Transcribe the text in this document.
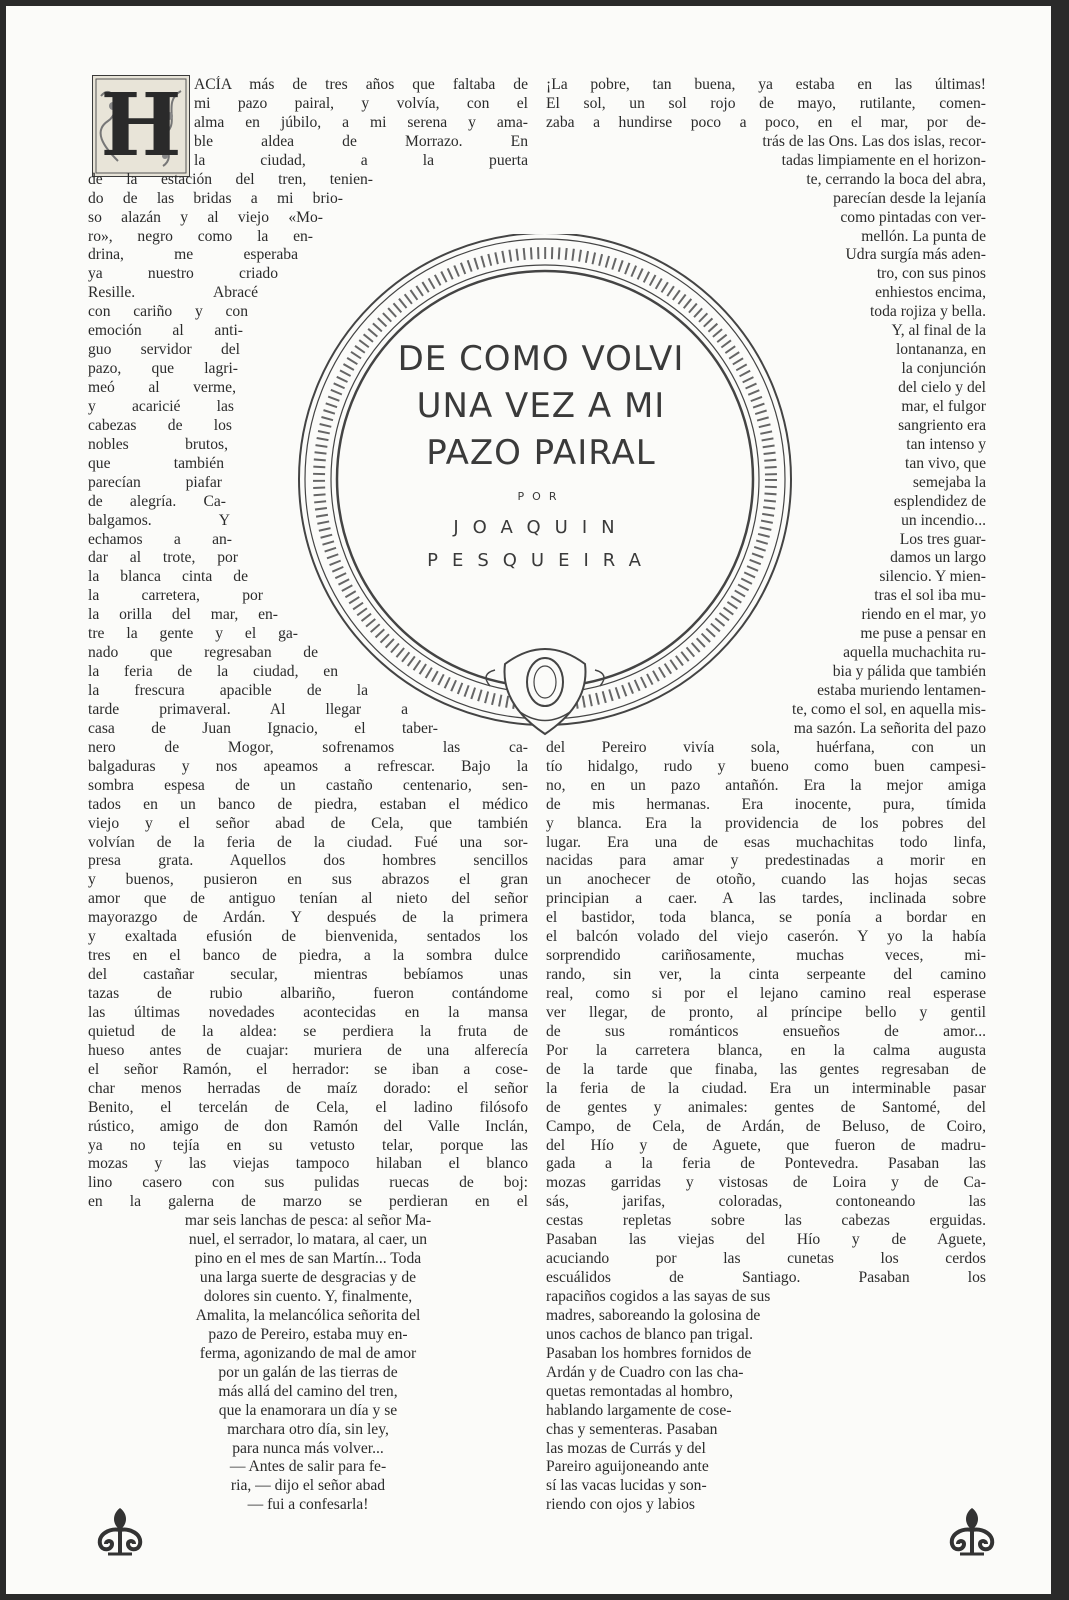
H ACÍA más de tres años que faltaba de
mi pazo pairal, y volvía, con el
alma en júbilo, a mi serena y ama-
ble aldea de Morrazo. En
la ciudad, a la puerta
de la estación del tren, tenien-
do de las bridas a mi brio-
so alazán y al viejo «Mo-
ro», negro como la en-
drina, me esperaba
ya nuestro criado
Resille. Abracé
con cariño y con
emoción al anti-
guo servidor del
pazo, que lagri-
meó al verme,
y acaricié las
cabezas de los
nobles brutos,
que también
parecían piafar
de alegría. Ca-
balgamos. Y
echamos a an-
dar al trote, por
la blanca cinta de
la carretera, por
la orilla del mar, en-
tre la gente y el ga-
nado que regresaban de
la feria de la ciudad, en
la frescura apacible de la
tarde primaveral. Al llegar a
casa de Juan Ignacio, el taber-
nero de Mogor, sofrenamos las ca-
balgaduras y nos apeamos a refrescar. Bajo la
sombra espesa de un castaño centenario, sen-
tados en un banco de piedra, estaban el médico
viejo y el señor abad de Cela, que también
volvían de la feria de la ciudad. Fué una sor-
presa grata. Aquellos dos hombres sencillos
y buenos, pusieron en sus abrazos el gran
amor que de antiguo tenían al nieto del señor
mayorazgo de Ardán. Y después de la primera
y exaltada efusión de bienvenida, sentados los
tres en el banco de piedra, a la sombra dulce
del castañar secular, mientras bebíamos unas
tazas de rubio albariño, fueron contándome
las últimas novedades acontecidas en la mansa
quietud de la aldea: se perdiera la fruta de
hueso antes de cuajar: muriera de una alferecía
el señor Ramón, el herrador: se iban a cose-
char menos herradas de maíz dorado: el señor
Benito, el tercelán de Cela, el ladino filósofo
rústico, amigo de don Ramón del Valle Inclán,
ya no tejía en su vetusto telar, porque las
mozas y las viejas tampoco hilaban el blanco
lino casero con sus pulidas ruecas de boj:
en la galerna de marzo se perdieran en el
mar seis lanchas de pesca: al señor Ma-
nuel, el serrador, lo matara, al caer, un
pino en el mes de san Martín... Toda
una larga suerte de desgracias y de
dolores sin cuento. Y, finalmente,
Amalita, la melancólica señorita del
pazo de Pereiro, estaba muy en-
ferma, agonizando de mal de amor
por un galán de las tierras de
más allá del camino del tren,
que la enamorara un día y se
marchara otro día, sin ley,
para nunca más volver...
— Antes de salir para fe-
ria, — dijo el señor abad
— fui a confesarla!
¡La pobre, tan buena, ya estaba en las últimas!
El sol, un sol rojo de mayo, rutilante, comen-
zaba a hundirse poco a poco, en el mar, por de-
trás de las Ons. Las dos islas, recor-
tadas limpiamente en el horizon-
te, cerrando la boca del abra,
parecían desde la lejanía
como pintadas con ver-
mellón. La punta de
Udra surgía más aden-
tro, con sus pinos
enhiestos encima,
toda rojiza y bella.
Y, al final de la
lontananza, en
la conjunción
del cielo y del
mar, el fulgor
sangriento era
tan intenso y
tan vivo, que
semejaba la
esplendidez de
un incendio...
Los tres guar-
damos un largo
silencio. Y mien-
tras el sol iba mu-
riendo en el mar, yo
me puse a pensar en
aquella muchachita ru-
bia y pálida que también
estaba muriendo lentamen-
te, como el sol, en aquella mis-
ma sazón. La señorita del pazo
del Pereiro vivía sola, huérfana, con un
tío hidalgo, rudo y bueno como buen campesi-
no, en un pazo antañón. Era la mejor amiga
de mis hermanas. Era inocente, pura, tímida
y blanca. Era la providencia de los pobres del
lugar. Era una de esas muchachitas todo linfa,
nacidas para amar y predestinadas a morir en
un anochecer de otoño, cuando las hojas secas
principian a caer. A las tardes, inclinada sobre
el bastidor, toda blanca, se ponía a bordar en
el balcón volado del viejo caserón. Y yo la había
sorprendido cariñosamente, muchas veces, mi-
rando, sin ver, la cinta serpeante del camino
real, como si por el lejano camino real esperase
ver llegar, de pronto, al príncipe bello y gentil
de sus románticos ensueños de amor...
Por la carretera blanca, en la calma augusta
de la tarde que finaba, las gentes regresaban de
la feria de la ciudad. Era un interminable pasar
de gentes y animales: gentes de Santomé, del
Campo, de Cela, de Ardán, de Beluso, de Coiro,
del Hío y de Aguete, que fueron de madru-
gada a la feria de Pontevedra. Pasaban las
mozas garridas y vistosas de Loira y de Ca-
sás, jarifas, coloradas, contoneando las
cestas repletas sobre las cabezas erguidas.
Pasaban las viejas del Hío y de Aguete,
acuciando por las cunetas los cerdos
escuálidos de Santiago. Pasaban los
rapaciños cogidos a las sayas de sus
madres, saboreando la golosina de
unos cachos de blanco pan trigal.
Pasaban los hombres fornidos de
Ardán y de Cuadro con las cha-
quetas remontadas al hombro,
hablando largamente de cose-
chas y sementeras. Pasaban
las mozas de Currás y del
Pareiro aguijoneando ante
sí las vacas lucidas y son-
riendo con ojos y labios
DE COMO VOLVI
UNA VEZ A MI
PAZO PAIRAL
POR
JOAQUIN
PESQUEIRA
